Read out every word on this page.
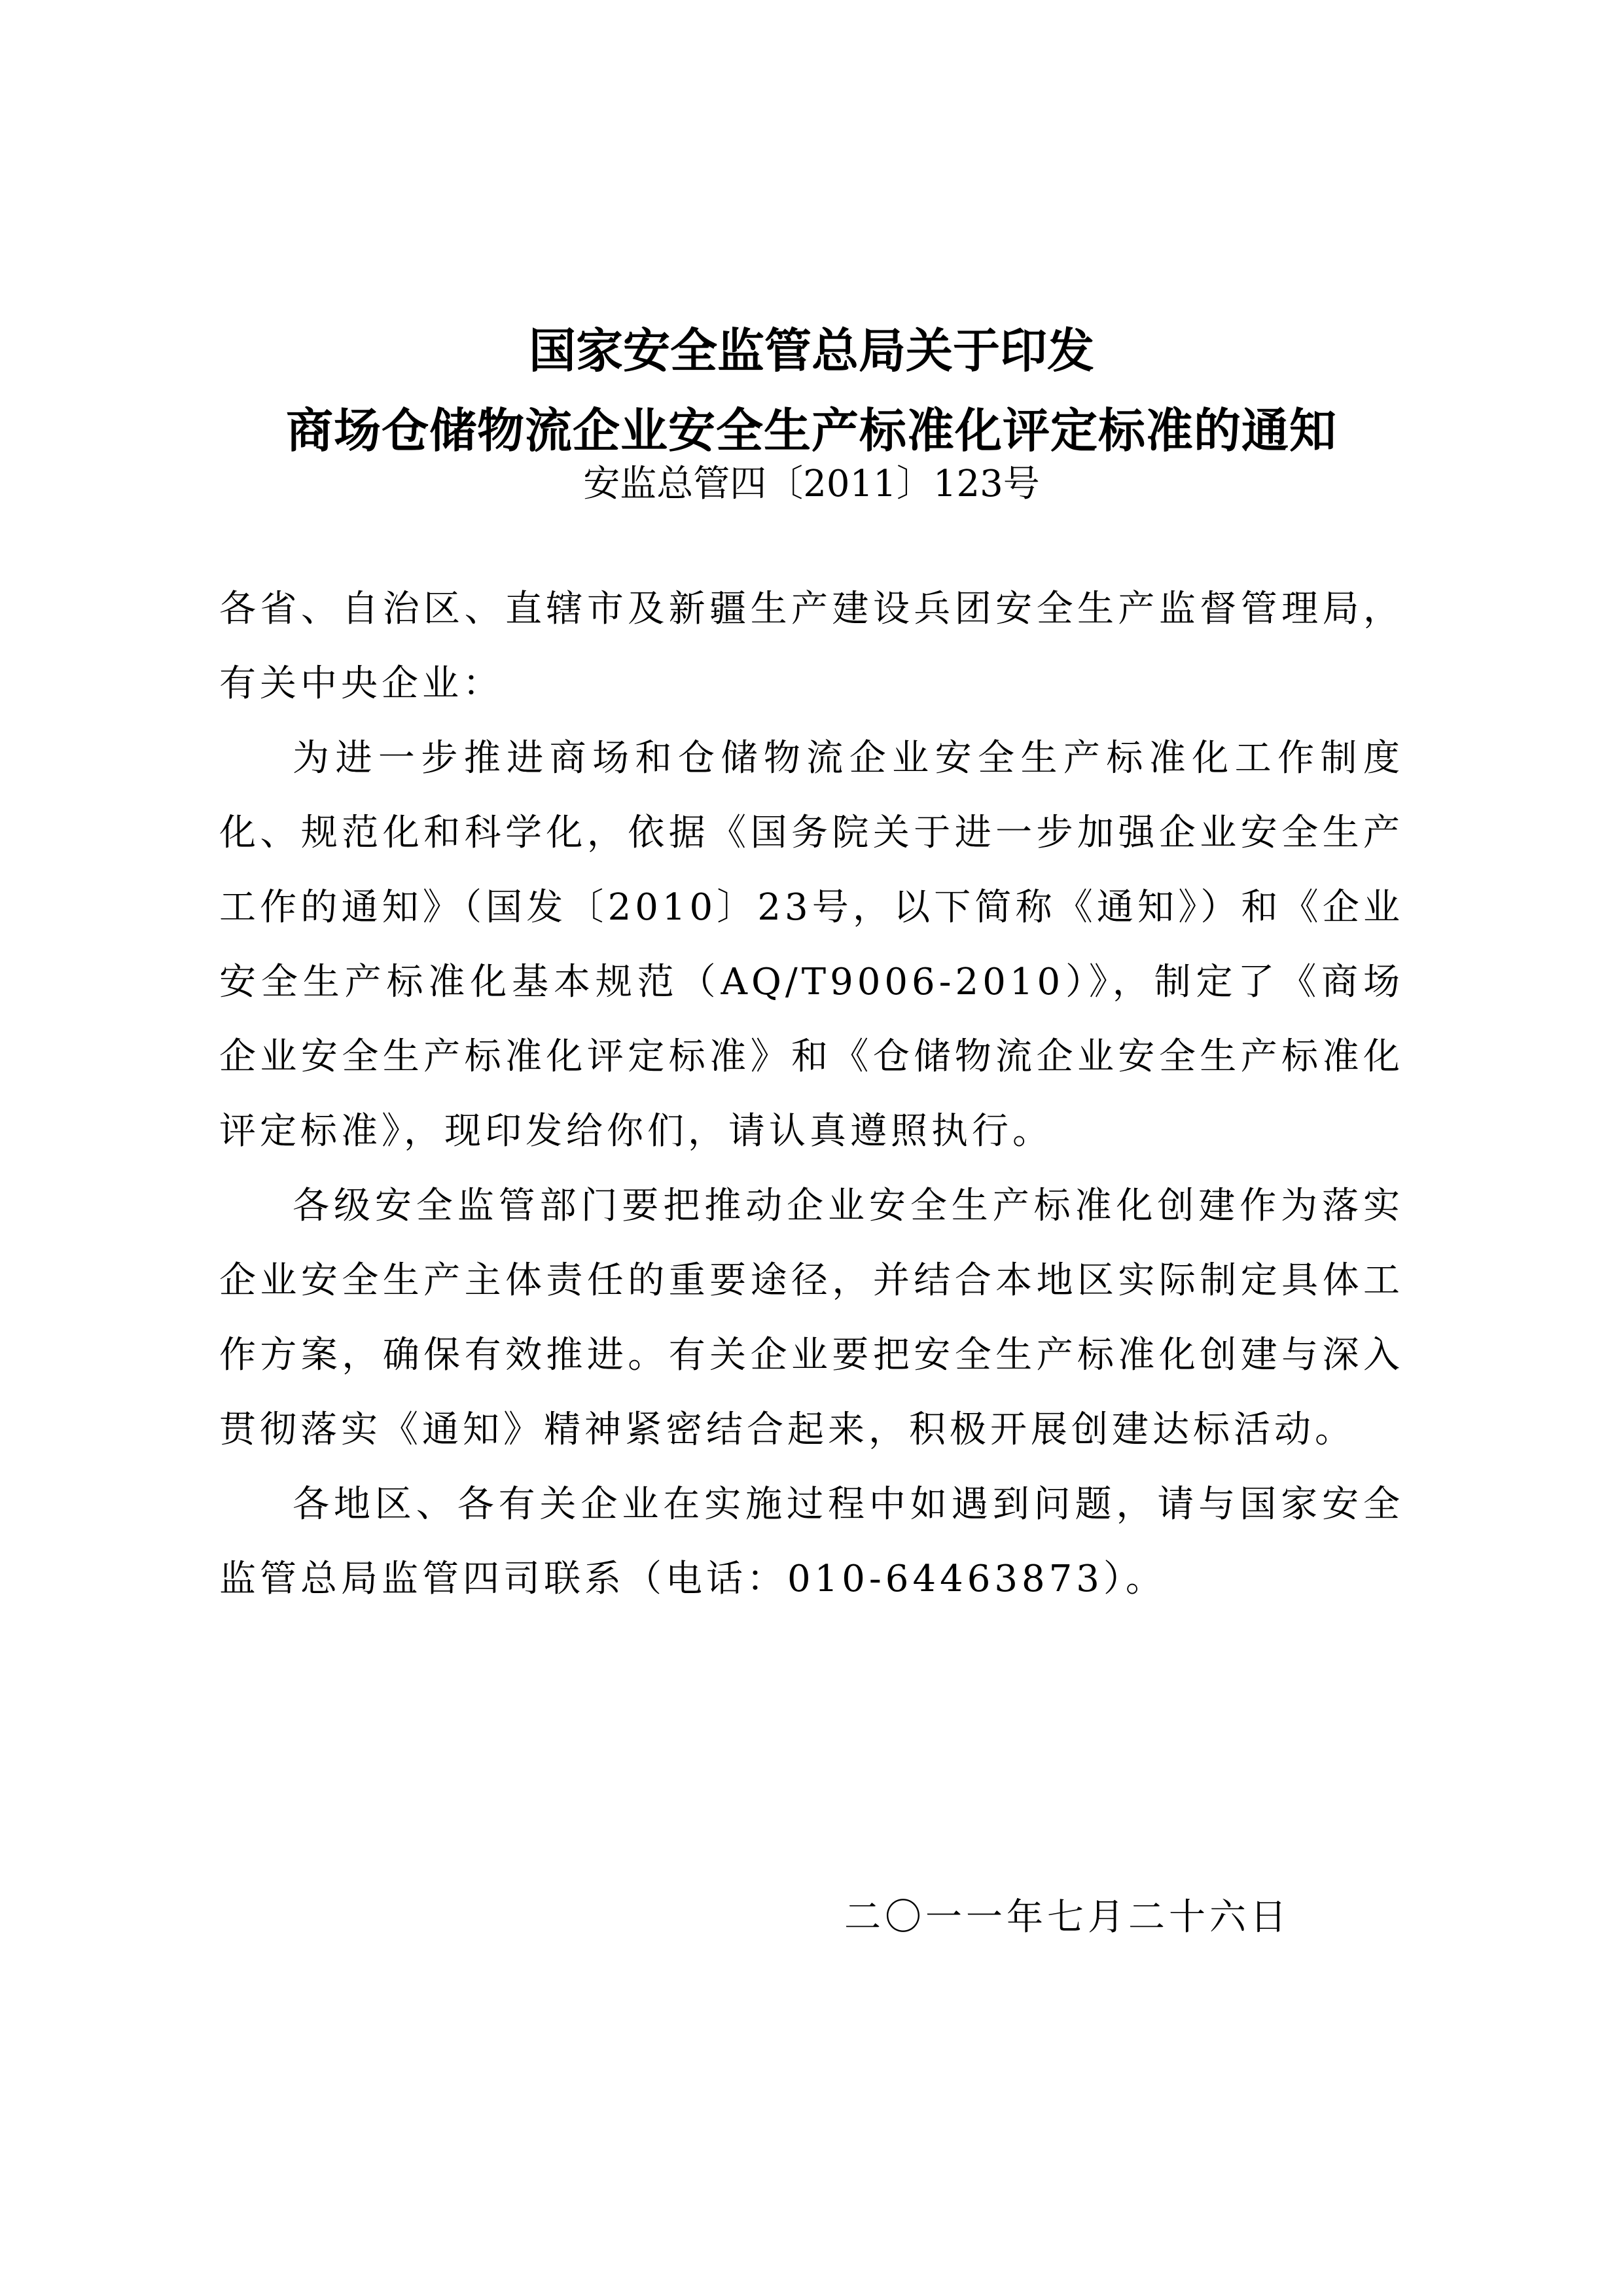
国家安全监管总局关于印发
商场仓储物流企业安全生产标准化评定标准的通知
安监总管四〔2011〕123号

各省、自治区、直辖市及新疆生产建设兵团安全生产监督管理局，有关中央企业：

为进一步推进商场和仓储物流企业安全生产标准化工作制度化、规范化和科学化，依据《国务院关于进一步加强企业安全生产工作的通知》（国发〔2010〕23号，以下简称《通知》）和《企业安全生产标准化基本规范（AQ/T9006-2010）》，制定了《商场企业安全生产标准化评定标准》和《仓储物流企业安全生产标准化评定标准》，现印发给你们，请认真遵照执行。

各级安全监管部门要把推动企业安全生产标准化创建作为落实企业安全生产主体责任的重要途径，并结合本地区实际制定具体工作方案，确保有效推进。有关企业要把安全生产标准化创建与深入贯彻落实《通知》精神紧密结合起来，积极开展创建达标活动。

各地区、各有关企业在实施过程中如遇到问题，请与国家安全监管总局监管四司联系（电话：010-64463873）。

二〇一一年七月二十六日
